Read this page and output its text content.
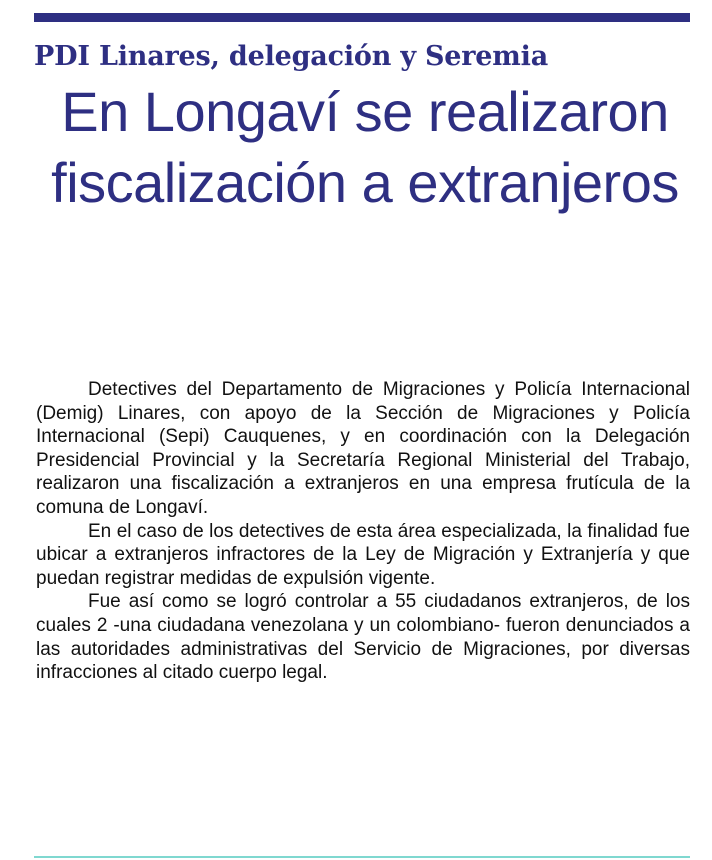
PDI Linares, delegación y Seremia
En Longaví se realizaron fiscalización a extranjeros

Detectives del Departamento de Migraciones y Policía Internacional (Demig) Linares, con apoyo de la Sección de Migraciones y Policía Internacional (Sepi) Cauquenes, y en coordinación con la Delegación Presidencial Provincial y la Secretaría Regional Ministerial del Trabajo, realizaron una fiscalización a extranjeros en una empresa frutícula de la comuna de Longaví.

En el caso de los detectives de esta área especializada, la finalidad fue ubicar a extranjeros infractores de la Ley de Migración y Extranjería y que puedan registrar medidas de expulsión vigente.

Fue así como se logró controlar a 55 ciudadanos extranjeros, de los cuales 2 -una ciudadana venezolana y un colombiano- fueron denunciados a las autoridades administrativas del Servicio de Migraciones, por diversas infracciones al citado cuerpo legal.
